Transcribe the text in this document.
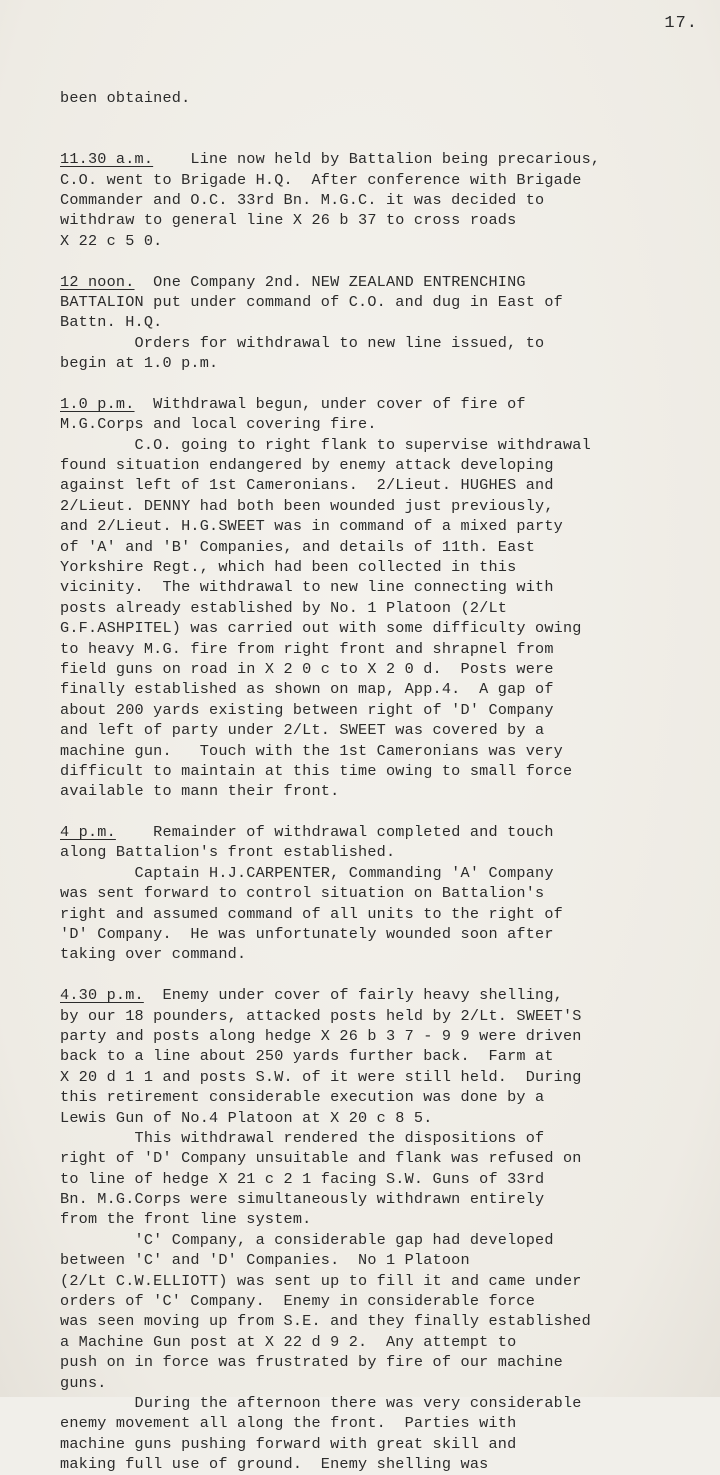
17.
been obtained.
11.30 a.m.    Line now held by Battalion being precarious,
C.O. went to Brigade H.Q.  After conference with Brigade
Commander and O.C. 33rd Bn. M.G.C. it was decided to
withdraw to general line X 26 b 37 to cross roads
X 22 c 5 0.
12 noon.  One Company 2nd. NEW ZEALAND ENTRENCHING
BATTALION put under command of C.O. and dug in East of
Battn. H.Q.
Orders for withdrawal to new line issued, to
begin at 1.0 p.m.
1.0 p.m.  Withdrawal begun, under cover of fire of
M.G.Corps and local covering fire.
C.O. going to right flank to supervise withdrawal
found situation endangered by enemy attack developing
against left of 1st Cameronians.  2/Lieut. HUGHES and
2/Lieut. DENNY had both been wounded just previously,
and 2/Lieut. H.G.SWEET was in command of a mixed party
of 'A' and 'B' Companies, and details of 11th. East
Yorkshire Regt., which had been collected in this
vicinity.  The withdrawal to new line connecting with
posts already established by No. 1 Platoon (2/Lt
G.F.ASHPITEL) was carried out with some difficulty owing
to heavy M.G. fire from right front and shrapnel from
field guns on road in X 2 0 c to X 2 0 d.  Posts were
finally established as shown on map, App.4.  A gap of
about 200 yards existing between right of 'D' Company
and left of party under 2/Lt. SWEET was covered by a
machine gun.   Touch with the 1st Cameronians was very
difficult to maintain at this time owing to small force
available to mann their front.
4 p.m.    Remainder of withdrawal completed and touch
along Battalion's front established.
Captain H.J.CARPENTER, Commanding 'A' Company
was sent forward to control situation on Battalion's
right and assumed command of all units to the right of
'D' Company.  He was unfortunately wounded soon after
taking over command.
4.30 p.m.  Enemy under cover of fairly heavy shelling,
by our 18 pounders, attacked posts held by 2/Lt. SWEET'S
party and posts along hedge X 26 b 3 7 - 9 9 were driven
back to a line about 250 yards further back.  Farm at
X 20 d 1 1 and posts S.W. of it were still held.  During
this retirement considerable execution was done by a
Lewis Gun of No.4 Platoon at X 20 c 8 5.
This withdrawal rendered the dispositions of
right of 'D' Company unsuitable and flank was refused on
to line of hedge X 21 c 2 1 facing S.W. Guns of 33rd
Bn. M.G.Corps were simultaneously withdrawn entirely
from the front line system.
'C' Company, a considerable gap had developed
between 'C' and 'D' Companies.  No 1 Platoon
(2/Lt C.W.ELLIOTT) was sent up to fill it and came under
orders of 'C' Company.  Enemy in considerable force
was seen moving up from S.E. and they finally established
a Machine Gun post at X 22 d 9 2.  Any attempt to
push on in force was frustrated by fire of our machine
guns.
During the afternoon there was very considerable
enemy movement all along the front.  Parties with
machine guns pushing forward with great skill and
making full use of ground.  Enemy shelling was
